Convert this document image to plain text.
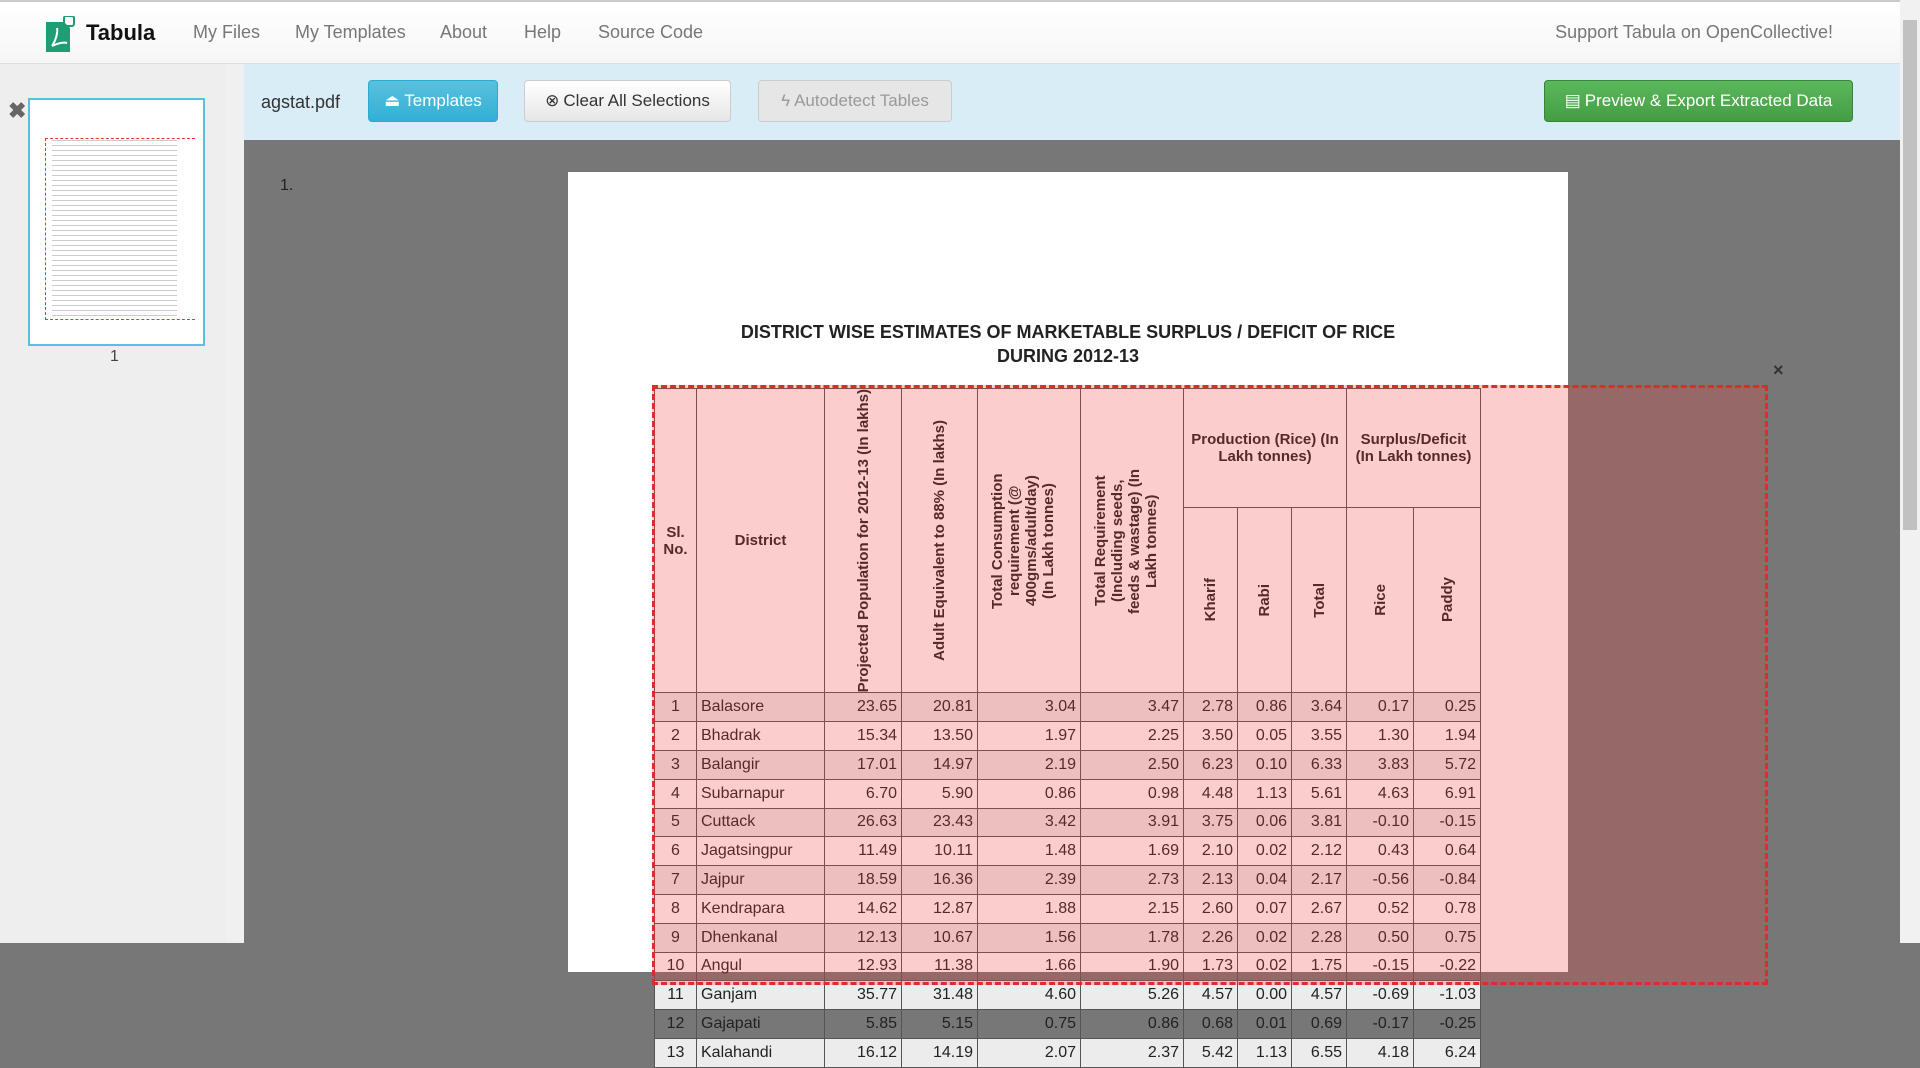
Tabula My Files My Templates About Help Source Code	Support Tabula on OpenCollective!
✖
1
agstat.pdf	⏏ Templates	⊗ Clear All Selections	ϟ Autodetect Tables	▤ Preview & Export Extracted Data
1.
DISTRICT WISE ESTIMATES OF MARKETABLE SURPLUS / DEFICIT OF RICE
DURING 2012-13
Sl. No.	District	Projected Population for 2012-13 (In lakhs)	Adult Equivalent to 88% (In lakhs)	Total Consumption requirement (@ 400gms/adult/day) (In Lakh tonnes)	Total Requirement (Including seeds, feeds & wastage) (In Lakh tonnes)	Production (Rice) (In Lakh tonnes)			Surplus/Deficit (In Lakh tonnes)	

						Kharif	Rabi	Total	Rice	Paddy

1	Balasore	23.65	20.81	3.04	3.47	2.78	0.86	3.64	0.17	0.25
2	Bhadrak	15.34	13.50	1.97	2.25	3.50	0.05	3.55	1.30	1.94
3	Balangir	17.01	14.97	2.19	2.50	6.23	0.10	6.33	3.83	5.72
4	Subarnapur	6.70	5.90	0.86	0.98	4.48	1.13	5.61	4.63	6.91
5	Cuttack	26.63	23.43	3.42	3.91	3.75	0.06	3.81	-0.10	-0.15
6	Jagatsingpur	11.49	10.11	1.48	1.69	2.10	0.02	2.12	0.43	0.64
7	Jajpur	18.59	16.36	2.39	2.73	2.13	0.04	2.17	-0.56	-0.84
8	Kendrapara	14.62	12.87	1.88	2.15	2.60	0.07	2.67	0.52	0.78
9	Dhenkanal	12.13	10.67	1.56	1.78	2.26	0.02	2.28	0.50	0.75
10	Angul	12.93	11.38	1.66	1.90	1.73	0.02	1.75	-0.15	-0.22
11	Ganjam	35.77	31.48	4.60	5.26	4.57	0.00	4.57	-0.69	-1.03
12	Gajapati	5.85	5.15	0.75	0.86	0.68	0.01	0.69	-0.17	-0.25
13	Kalahandi	16.12	14.19	2.07	2.37	5.42	1.13	6.55	4.18	6.24
×
